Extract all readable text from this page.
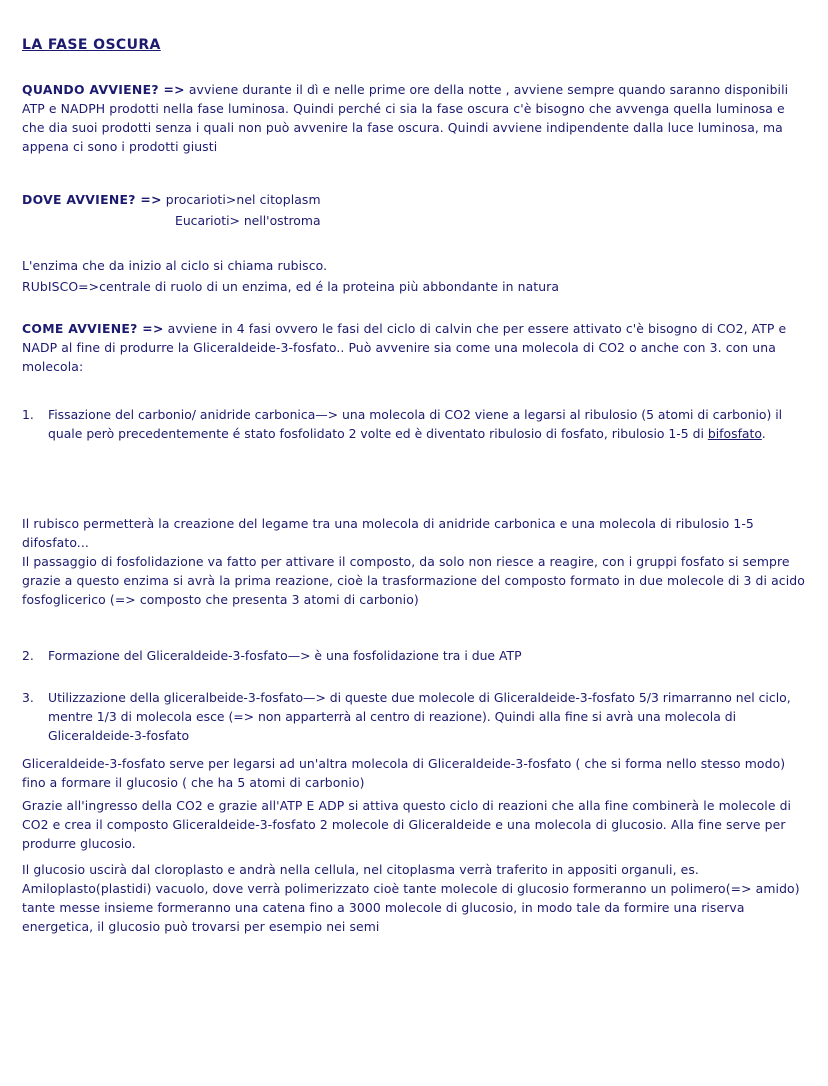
LA FASE OSCURA
QUANDO AVVIENE? => avviene durante il dì e nelle prime ore della notte , avviene sempre quando saranno disponibili ATP e NADPH prodotti nella fase luminosa. Quindi perché ci sia la fase oscura c'è bisogno che avvenga quella luminosa e che dia suoi prodotti senza i quali non può avvenire la fase oscura. Quindi avviene indipendente dalla luce luminosa, ma appena ci sono i prodotti giusti
DOVE AVVIENE? => procarioti>nel citoplasm
Eucarioti> nell'ostroma
L'enzima che da inizio al ciclo si chiama rubisco.
RUbISCO=>centrale di ruolo di un enzima, ed é la proteina più abbondante in natura
COME AVVIENE? => avviene in 4 fasi ovvero le fasi del ciclo di calvin che per essere attivato c'è bisogno di CO2, ATP e NADP al fine di produrre la Gliceraldeide-3-fosfato.. Può avvenire sia come una molecola di CO2 o anche con 3. con una molecola:
1. Fissazione del carbonio/ anidride carbonica—> una molecola di CO2 viene a legarsi al ribulosio (5 atomi di carbonio) il quale però precedentemente é stato fosfolidato 2 volte ed è diventato ribulosio di fosfato, ribulosio 1-5 di bifosfato.
Il rubisco permetterà la creazione del legame tra una molecola di anidride carbonica e una molecola di ribulosio 1-5 difosfato...
Il passaggio di fosfolidazione va fatto per attivare il composto, da solo non riesce a reagire, con i gruppi fosfato si sempre grazie a questo enzima si avrà la prima reazione, cioè la trasformazione del composto formato in due molecole di 3 di acido fosfoglicerico (=> composto che presenta 3 atomi di carbonio)
2. Formazione del Gliceraldeide-3-fosfato—> è una fosfolidazione tra i due ATP
3. Utilizzazione della gliceralbeide-3-fosfato—> di queste due molecole di Gliceraldeide-3-fosfato 5/3 rimarranno nel ciclo, mentre 1/3 di molecola esce (=> non apparterrà al centro di reazione). Quindi alla fine si avrà una molecola di Gliceraldeide-3-fosfato
Gliceraldeide-3-fosfato serve per legarsi ad un'altra molecola di Gliceraldeide-3-fosfato ( che si forma nello stesso modo) fino a formare il glucosio ( che ha 5 atomi di carbonio)
Grazie all'ingresso della CO2 e grazie all'ATP E ADP si attiva questo ciclo di reazioni che alla fine combinerà le molecole di CO2 e crea il composto Gliceraldeide-3-fosfato 2 molecole di Gliceraldeide e una molecola di glucosio. Alla fine serve per produrre glucosio.
Il glucosio uscirà dal cloroplasto e andrà nella cellula, nel citoplasma verrà traferito in appositi organuli, es. Amiloplasto(plastidi) vacuolo, dove verrà polimerizzato cioè tante molecole di glucosio formeranno un polimero(=> amido) tante messe insieme formeranno una catena fino a 3000 molecole di glucosio, in modo tale da formire una riserva energetica, il glucosio può trovarsi per esempio nei semi
